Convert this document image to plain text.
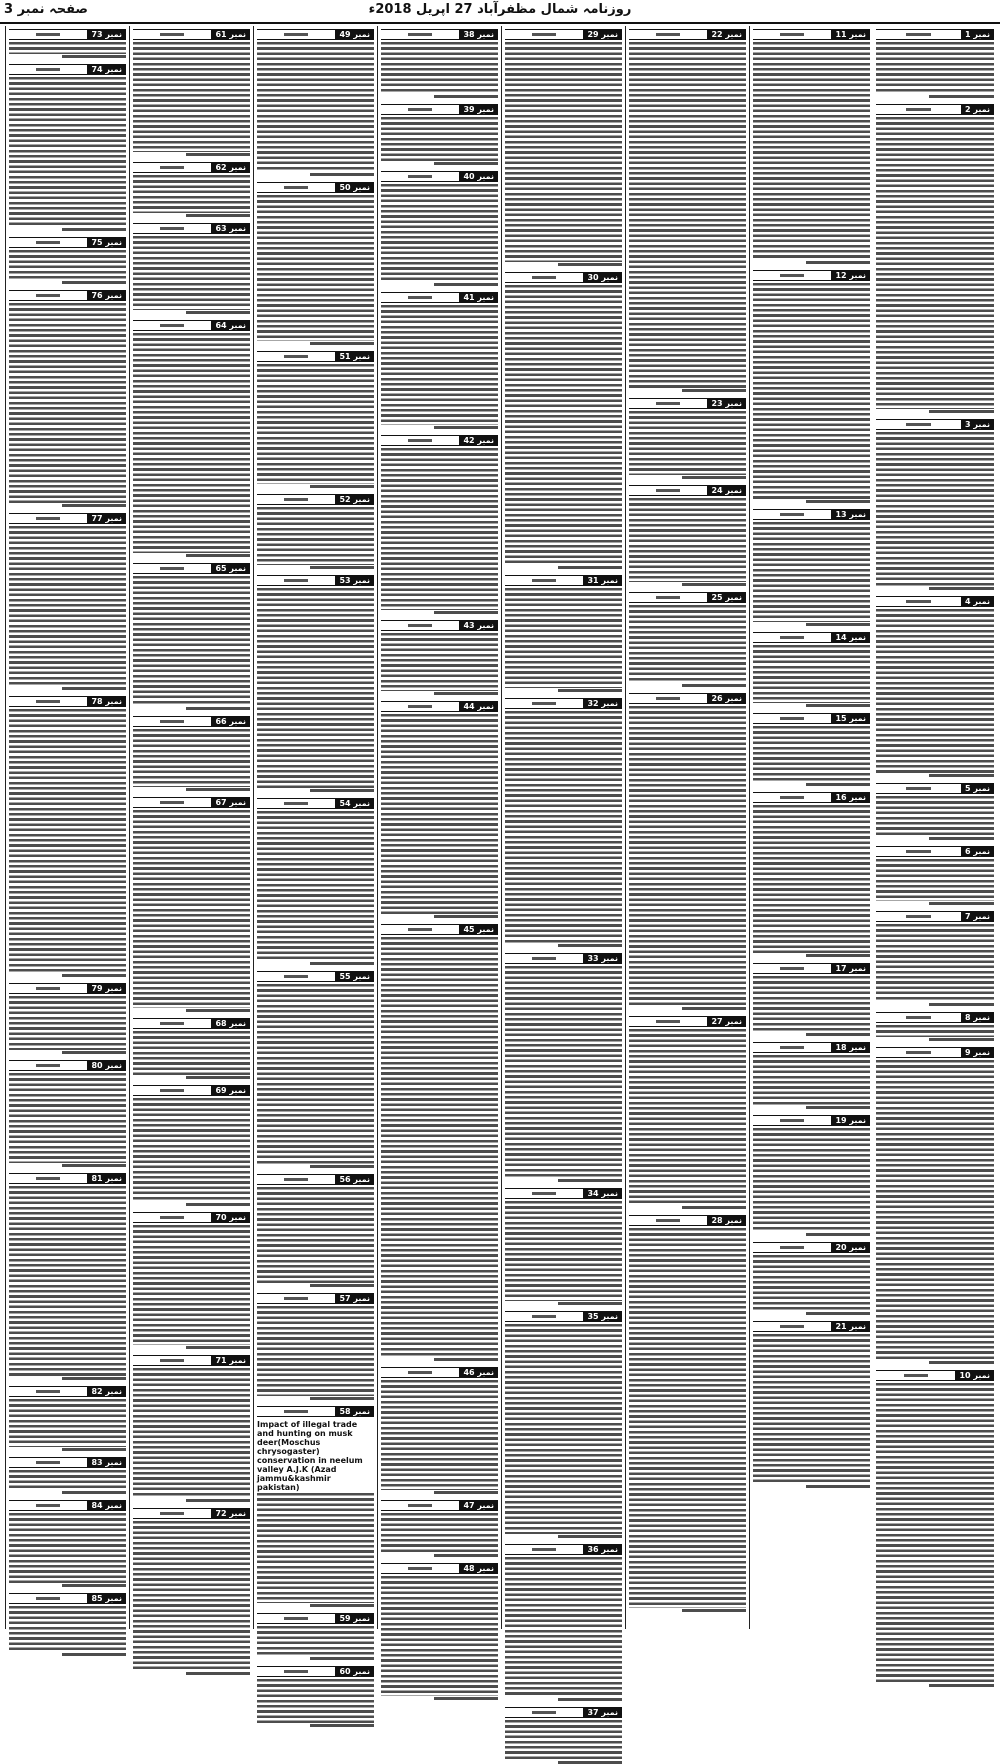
صفحہ نمبر 3	روزنامہ شمال مظفرآباد 27 اپریل 2018ء
نمبر 1
نمبر 2
نمبر 3
نمبر 4
نمبر 5
نمبر 6
نمبر 7
نمبر 8
نمبر 9
نمبر 10
نمبر 11
نمبر 12
نمبر 13
نمبر 14
نمبر 15
نمبر 16
نمبر 17
نمبر 18
نمبر 19
نمبر 20
نمبر 21
نمبر 22
نمبر 23
نمبر 24
نمبر 25
نمبر 26
نمبر 27
نمبر 28
نمبر 29
نمبر 30
نمبر 31
نمبر 32
نمبر 33
نمبر 34
نمبر 35
نمبر 36
نمبر 37
نمبر 38
نمبر 39
نمبر 40
نمبر 41
نمبر 42
نمبر 43
نمبر 44
نمبر 45
نمبر 46
نمبر 47
نمبر 48
نمبر 49
نمبر 50
نمبر 51
نمبر 52
نمبر 53
نمبر 54
نمبر 55
نمبر 56
نمبر 57
نمبر 58
Impact of illegal trade and hunting on musk deer(Moschus chrysogaster) conservation in neelum valley A.J.K (Azad jammu&kashmir pakistan)
نمبر 59
نمبر 60
نمبر 61
نمبر 62
نمبر 63
نمبر 64
نمبر 65
نمبر 66
نمبر 67
نمبر 68
نمبر 69
نمبر 70
نمبر 71
نمبر 72
نمبر 73
نمبر 74
نمبر 75
نمبر 76
نمبر 77
نمبر 78
نمبر 79
نمبر 80
نمبر 81
نمبر 82
نمبر 83
نمبر 84
نمبر 85
